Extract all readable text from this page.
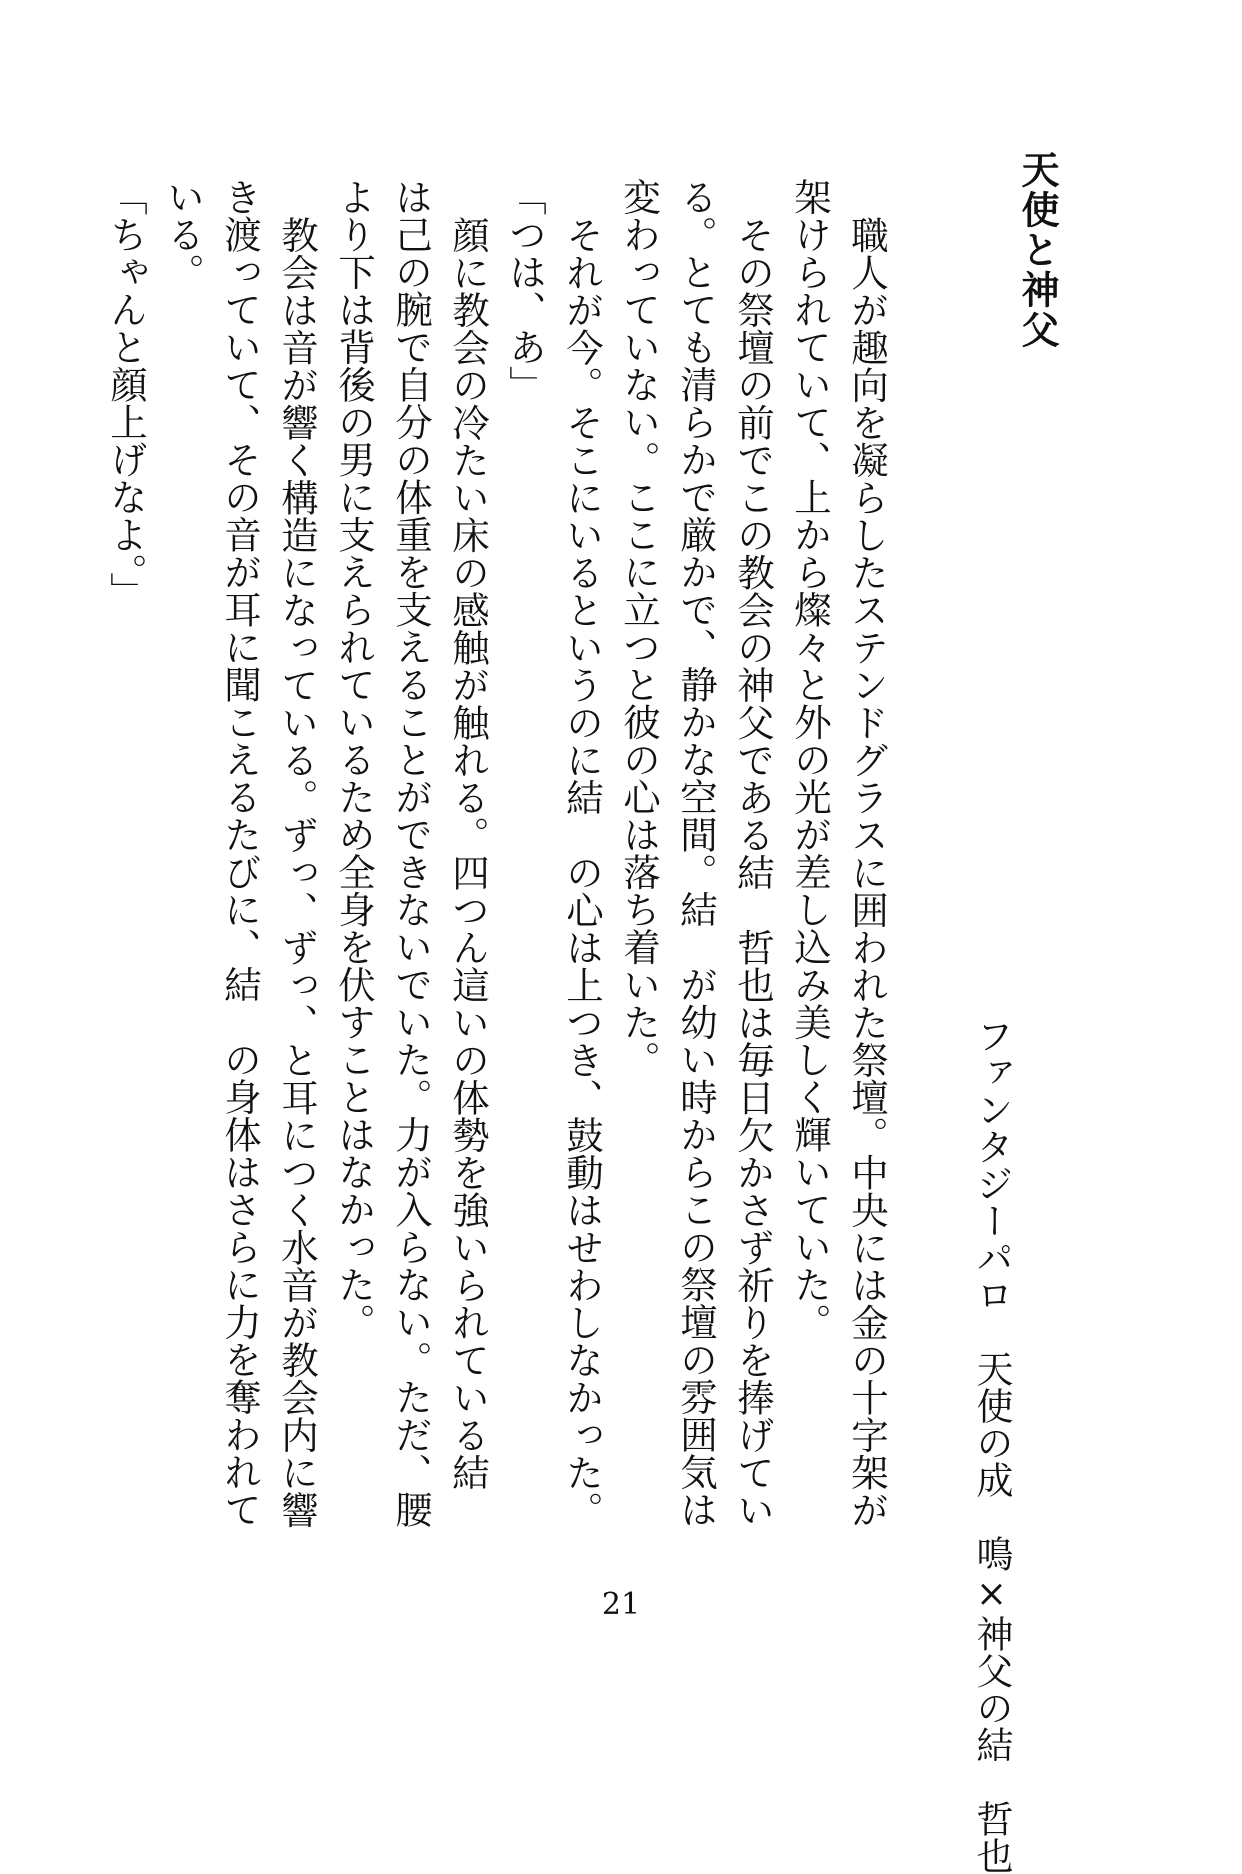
天使と神父
ファンタジーパロ　天使の成　鳴×神父の結　哲也

職人が趣向を凝らしたステンドグラスに囲われた祭壇。中央には金の十字架が架けられていて、上から燦々と外の光が差し込み美しく輝いていた。

その祭壇の前でこの教会の神父である結　哲也は毎日欠かさず祈りを捧げている。とても清らかで厳かで、静かな空間。結　が幼い時からこの祭壇の雰囲気は変わっていない。ここに立つと彼の心は落ち着いた。

それが今。そこにいるというのに結　の心は上つき、鼓動はせわしなかった。

「つは、あ」

顔に教会の冷たい床の感触が触れる。四つん這いの体勢を強いられている結　は己の腕で自分の体重を支えることができないでいた。力が入らない。ただ、腰より下は背後の男に支えられているため全身を伏すことはなかった。

教会は音が響く構造になっている。ずっ、ずっ、と耳につく水音が教会内に響き渡っていて、その音が耳に聞こえるたびに、結　の身体はさらに力を奪われている。

「ちゃんと顔上げなよ。」

21
